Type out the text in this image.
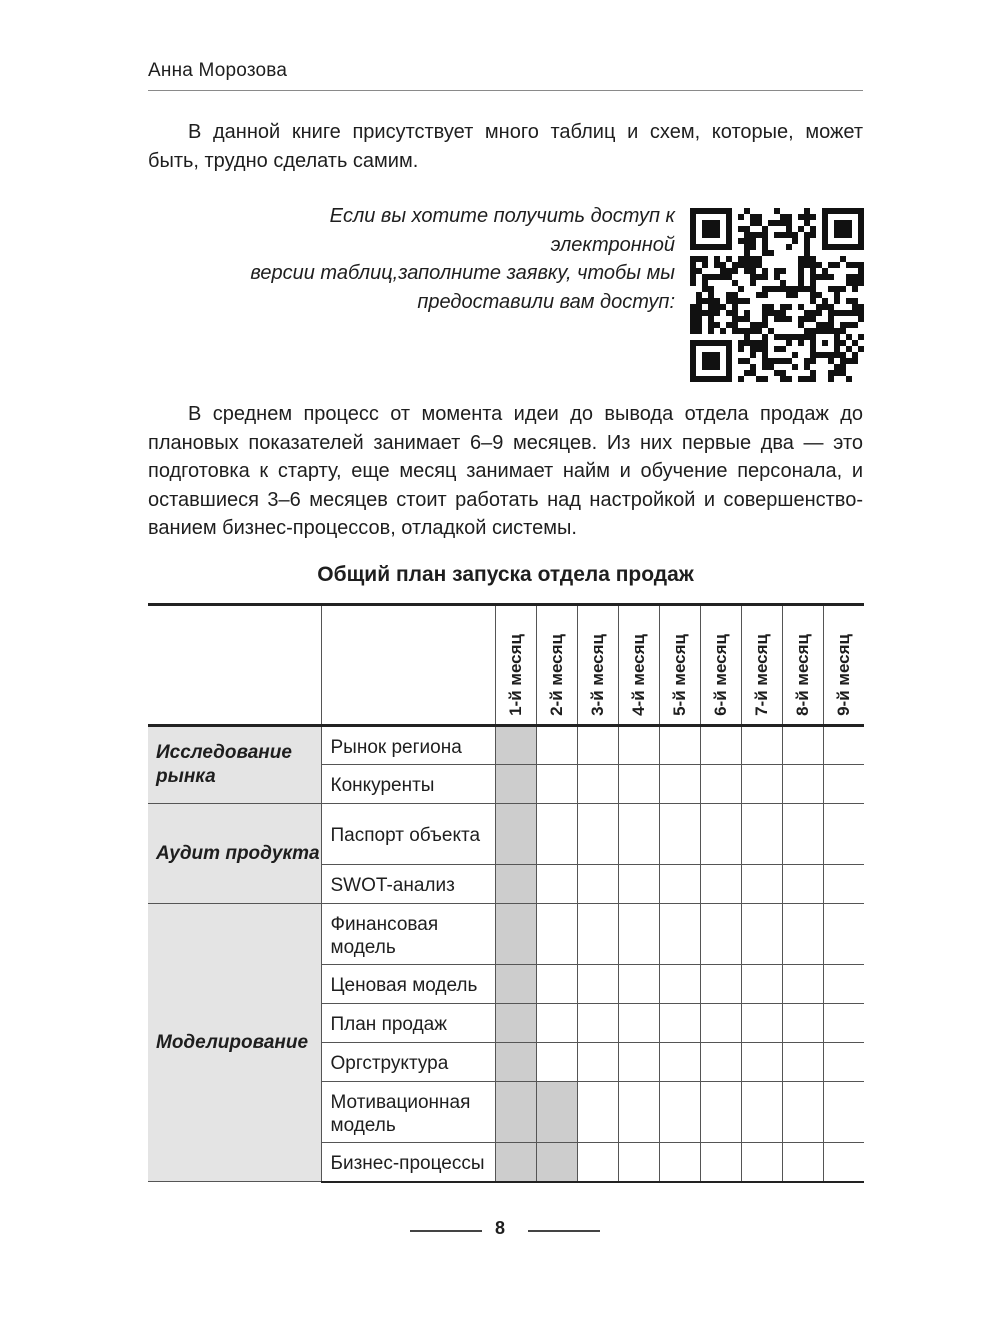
Анна Морозова
В данной книге присутствует много таблиц и схем, которые, может быть, трудно сделать самим.
Если вы хотите получить доступ к электронной
версии таблиц,заполните заявку, чтобы мы
предоставили вам доступ:
В среднем процесс от момента идеи до вывода отдела продаж до плановых показателей занимает 6–9 месяцев. Из них первые два — это подготовка к старту, еще месяц занимает найм и обучение персонала, и оставшиеся 3–6 месяцев стоит работать над настройкой и совершенствованием бизнес-процессов, отладкой системы.
Общий план запуска отдела продаж

		1-й месяц	2-й месяц	3-й месяц	4-й месяц	5-й месяц	6-й месяц	7-й месяц	8-й месяц	9-й месяц

Исследование рынка	Рынок региона									
	Конкуренты									
Аудит продукта	Паспорт объекта									
	SWOT-анализ									
Моделирование	Финансовая модель									
	Ценовая модель									
	План продаж									
	Оргструктура									
	Мотивационная модель									
	Бизнес-процессы									
8
